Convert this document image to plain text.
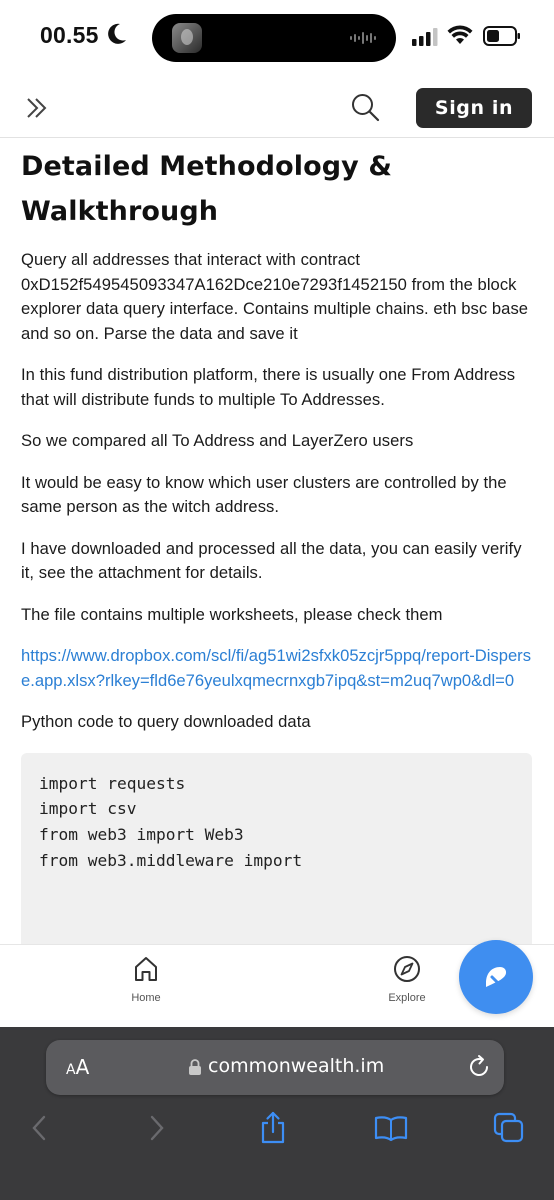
00.55
Sign in
Detailed Methodology & Walkthrough

Query all addresses that interact with contract 0xD152f549545093347A162Dce210e7293f1452150 from the block explorer data query interface. Contains multiple chains. eth bsc base and so on. Parse the data and save it

In this fund distribution platform, there is usually one From Address that will distribute funds to multiple To Addresses.

So we compared all To Address and LayerZero users

It would be easy to know which user clusters are controlled by the same person as the witch address.

I have downloaded and processed all the data, you can easily verify it, see the attachment for details.

The file contains multiple worksheets, please check them

https://www.dropbox.com/scl/fi/ag51wi2sfxk05zcjr5ppq/report-Disperse.app.xlsx?rlkey=fld6e76yeulxqmecrnxgb7ipq&st=m2uq7wp0&dl=0

Python code to query downloaded data

import requests
import csv
from web3 import Web3
from web3.middleware import
Home	Explore
AA	commonwealth.im
